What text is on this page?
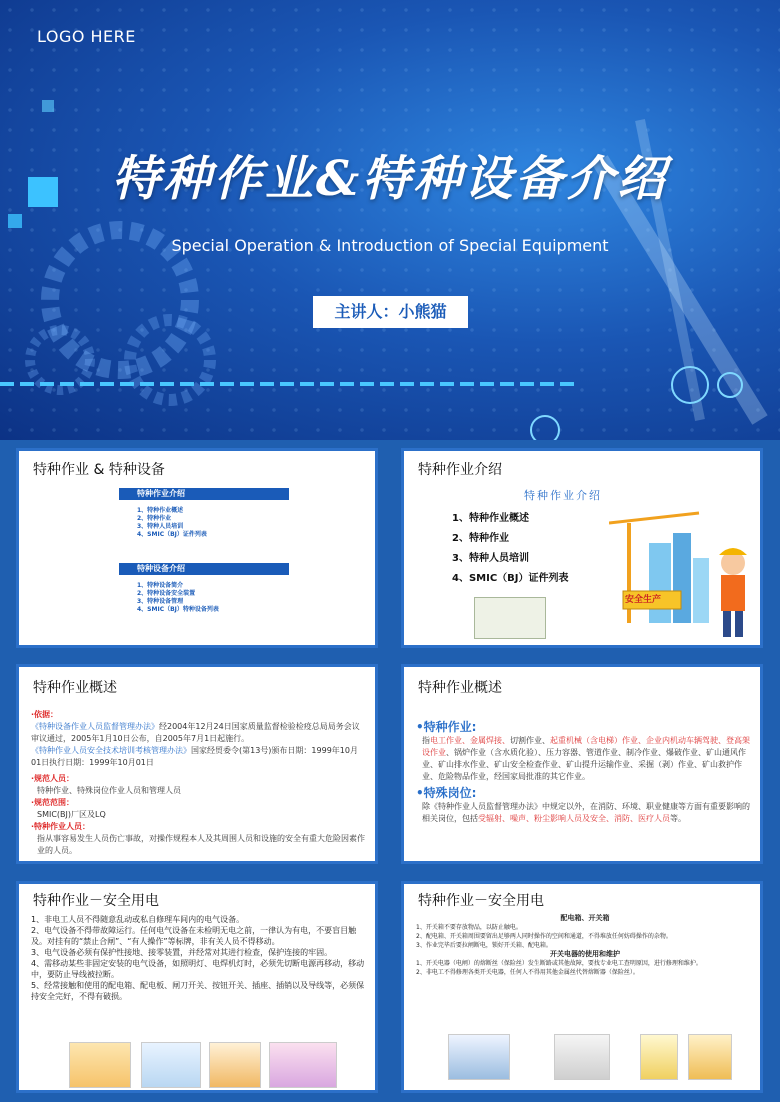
LOGO HERE
特种作业&特种设备介绍
Special Operation & Introduction of Special Equipment
主讲人：小熊猫
特种作业 & 特种设备
特种作业介绍
1、特种作业概述
2、特种作业
3、特种人员培训
4、SMIC（BJ）证件列表
特种设备介绍
1、特种设备简介
2、特种设备安全装置
3、特种设备管理
4、SMIC（BJ）特种设备列表
特种作业介绍
特种作业介绍
1、特种作业概述
2、特种作业
3、特种人员培训
4、SMIC（BJ）证件列表
安全生产
特种作业概述
·依据：
《特种设备作业人员监督管理办法》经2004年12月24日国家质量监督检验检疫总局局务会议审议通过，2005年1月10日公布，自2005年7月1日起施行。
《特种作业人员安全技术培训考核管理办法》国家经贸委令(第13号)颁布日期：1999年10月01日执行日期：1999年10月01日
·规范人员：
特种作业、特殊岗位作业人员和管理人员
·规范范围：
SMIC(BJ)厂区及LQ
·特种作业人员：
指从事容易发生人员伤亡事故，对操作规程本人及其周围人员和设施的安全有重大危险因素作业的人员。
特种作业概述
•特种作业:
指电工作业、金属焊接、切割作业、起重机械（含电梯）作业、企业内机动车辆驾驶、登高架设作业、锅炉作业（含水质化验）、压力容器、管道作业、制冷作业、爆破作业、矿山通风作业、矿山排水作业、矿山安全检查作业、矿山提升运输作业、采掘（剥）作业、矿山救护作业、危险物品作业，经国家局批准的其它作业。
•特殊岗位:
除《特种作业人员监督管理办法》中规定以外，在消防、环境、职业健康等方面有重要影响的相关岗位，包括受辐射、噪声、粉尘影响人员及安全、消防、医疗人员等。
特种作业－安全用电
1、非电工人员不得随意乱动或私自修理车间内的电气设备。
2、电气设备不得带故障运行。任何电气设备在未检明无电之前，一律认为有电，不要盲目触及。对挂有的“禁止合闸”、“有人操作”等标牌，非有关人员不得移动。
3、电气设备必须有保护性接地、接零装置，并经常对其进行检查，保护连接的牢固。
4、需移动某些非固定安装的电气设备，如照明灯、电焊机灯时，必须先切断电源再移动，移动中，要防止导线被拉断。
5、经常接触和使用的配电箱、配电板、闸刀开关、按钮开关、插座、插销以及导线等，必须保持安全完好，不得有破损。
特种作业－安全用电
配电箱、开关箱
1、开关箱不要存放物品，以防止触电。
2、配电箱、开关箱周围要留出足够两人同时操作的空间和通道，不得堆放任何妨碍操作的杂物。
3、作业完毕后要拉闸断电，锁好开关箱、配电箱。
开关电器的使用和维护
1、开关电器（电闸）的熔断丝（保险丝）发生断路或其他故障，要找专业电工查明原因，进行修理和维护。
2、非电工不得修理各类开关电器，任何人不得用其他金属丝代替熔断器（保险丝）。
